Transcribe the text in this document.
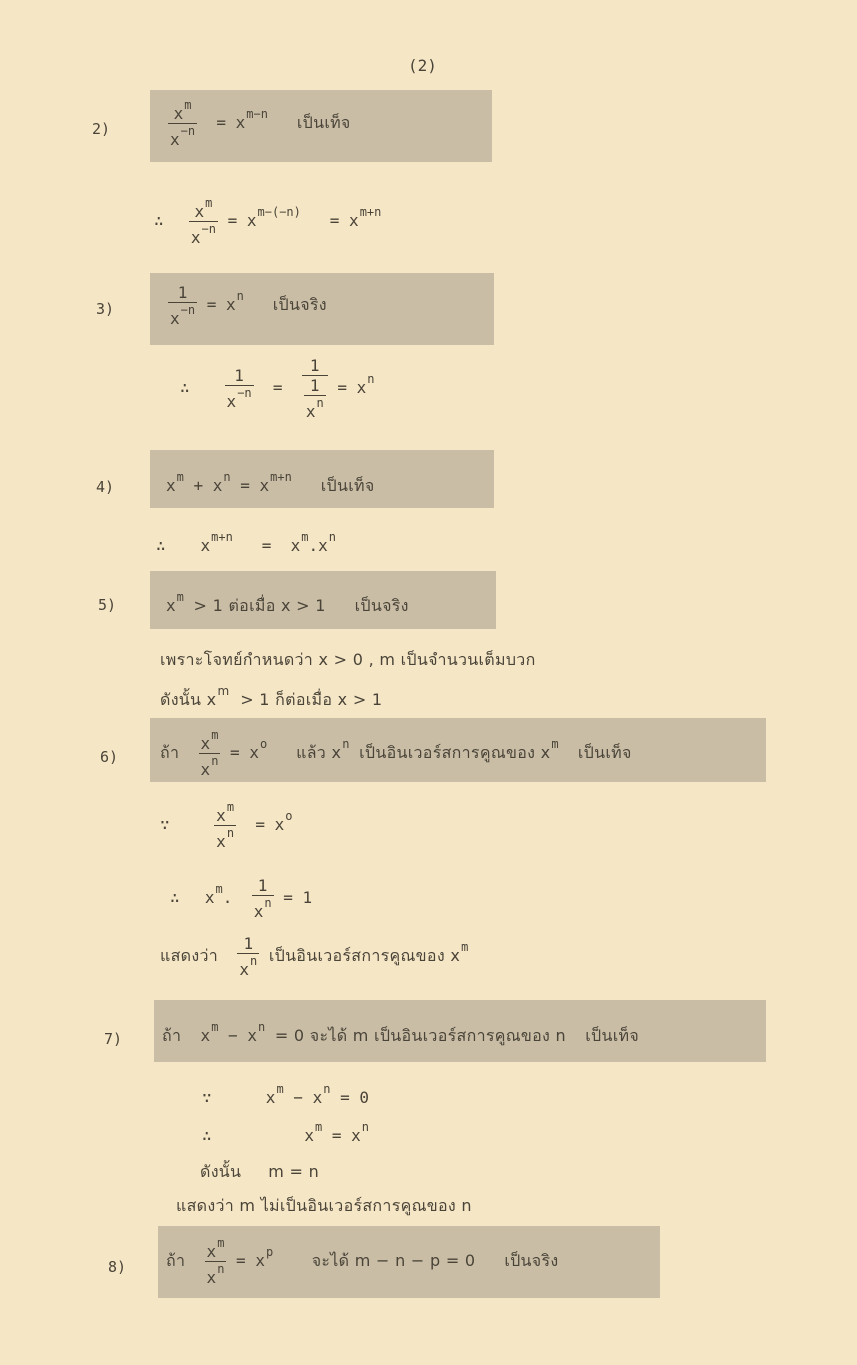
(2)
2)	$\frac{x^m}{x^{-n}} = x^{m-n}$ เป็นเท็จ
∴ $\frac{x^m}{x^{-n}} = x^{m-(-n)} = x^{m+n}$
3)	$\frac{1}{x^{-n}} = x^n$ เป็นจริง
∴ $\frac{1}{x^{-n}} = \frac{1}{\frac{1}{x^n}} = x^n$
4)	$x^m + x^n = x^{m+n}$ เป็นเท็จ
∴   $x^{m+n} = x^m.x^n$
5)	$x^m > 1$ ต่อเมื่อ x > 1 เป็นจริง
เพราะโจทย์กำหนดว่า x > 0 , m เป็นจำนวนเต็มบวก
ดังนั้น $x^m > 1$ ก็ต่อเมื่อ x > 1
6)	ถ้า $\frac{x^m}{x^n} = x^o$ แล้ว $x^n$ เป็นอินเวอร์สการคูณของ $x^m$ เป็นเท็จ
∵ $\frac{x^m}{x^n} = x^o$
∴  $x^m$. $\frac{1}{x^n} = 1$
แสดงว่า $\frac{1}{x^n}$ เป็นอินเวอร์สการคูณของ $x^m$
7) ถ้า  $x^m - x^n = 0$ จะได้ m เป็นอินเวอร์สการคูณของ n เป็นเท็จ
∵     $x^m - x^n = 0$
∴         $x^m = x^n$
ดังนั้น m = n
แสดงว่า m ไม่เป็นอินเวอร์สการคูณของ n
8) ถ้า $\frac{x^m}{x^n} = x^p$ จะได้ m − n − p = 0 เป็นจริง
